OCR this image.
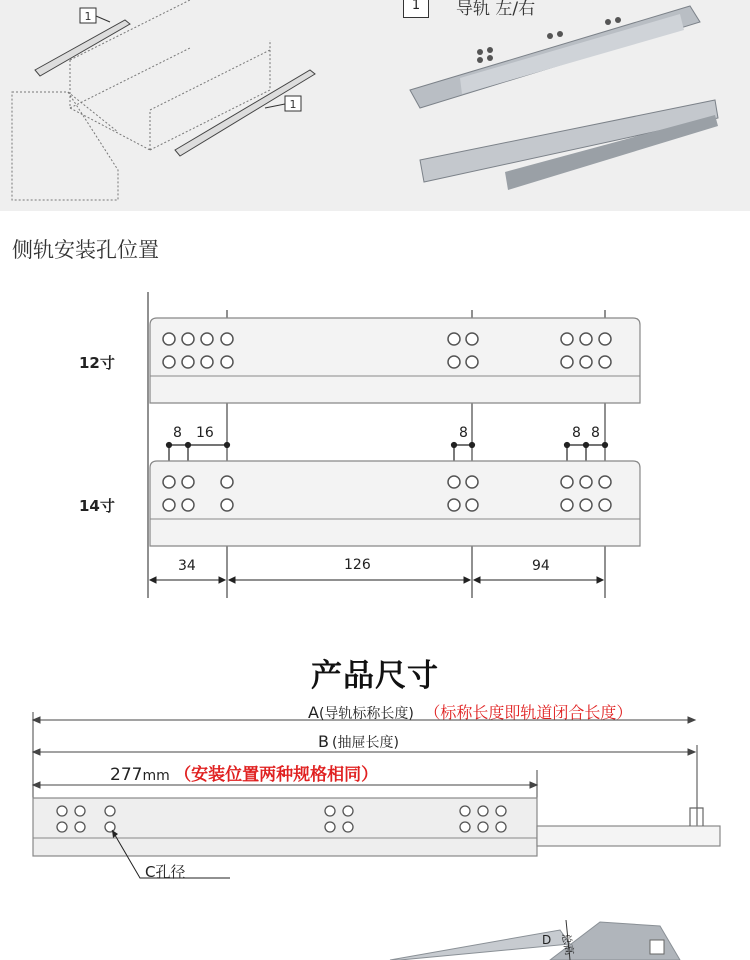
1
1
1	导轨 左/右
侧轨安装孔位置
12寸
14寸
8 16	8	8 8
34	126	94
产品尺寸
A(导轨标称长度) （标称长度即轨道闭合长度）
B (抽屉长度)
277mm （安装位置两种规格相同）
C孔径
D 总高
